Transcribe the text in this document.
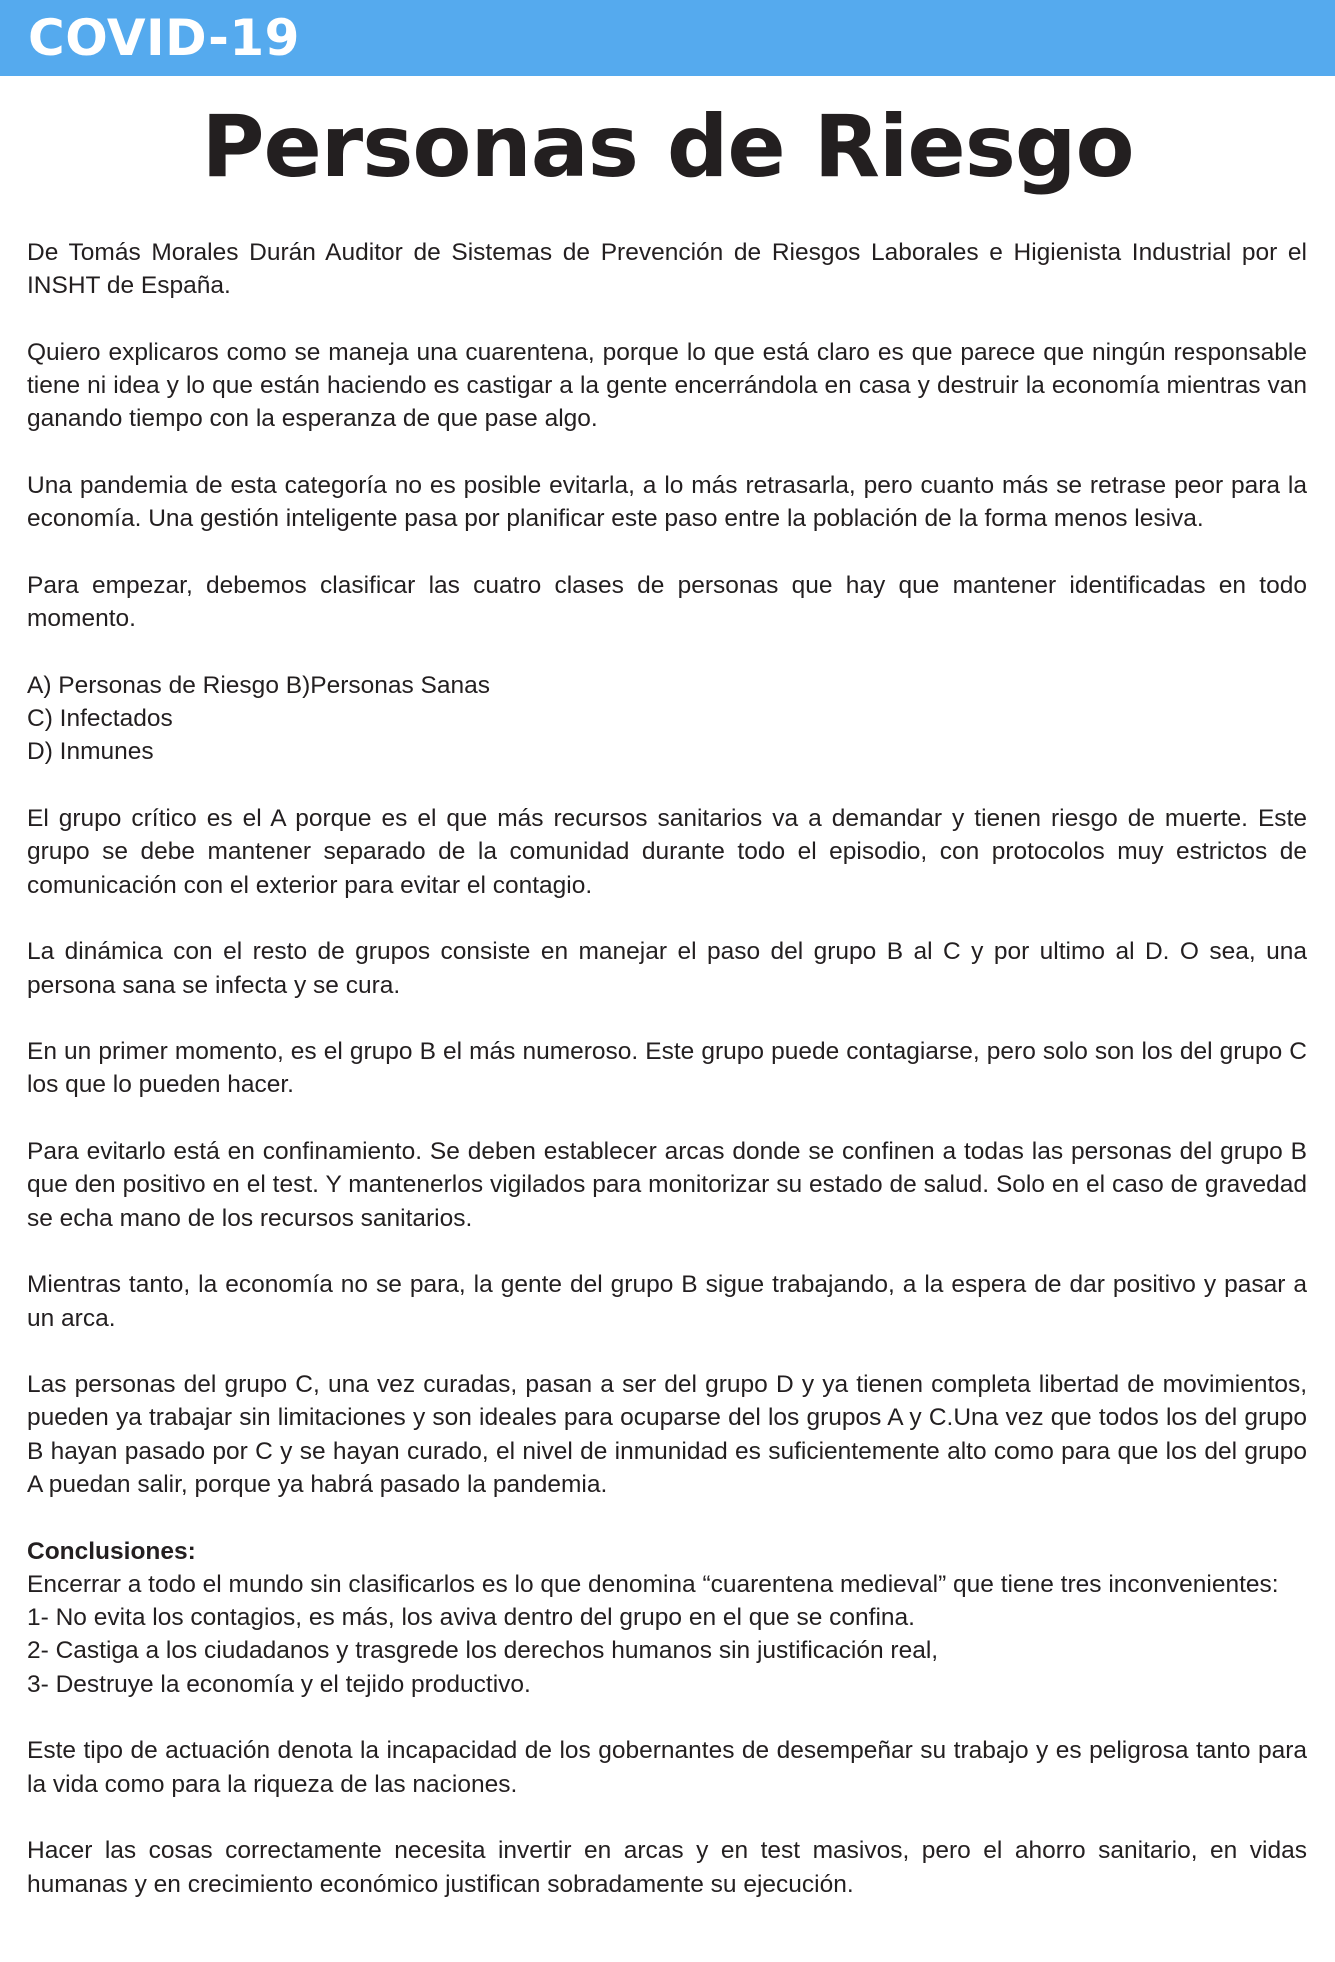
COVID-19
Personas de Riesgo

De Tomás Morales Durán Auditor de Sistemas de Prevención de Riesgos Laborales e Higienista Industrial por el INSHT de España.

Quiero explicaros como se maneja una cuarentena, porque lo que está claro es que parece que ningún responsable tiene ni idea y lo que están haciendo es castigar a la gente encerrándola en casa y destruir la economía mientras van ganando tiempo con la esperanza de que pase algo.

Una pandemia de esta categoría no es posible evitarla, a lo más retrasarla, pero cuanto más se retrase peor para la economía. Una gestión inteligente pasa por planificar este paso entre la población de la forma menos lesiva.

Para empezar, debemos clasificar las cuatro clases de personas que hay que mantener identificadas en todo momento.

A) Personas de Riesgo B)Personas Sanas
C) Infectados
D) Inmunes

El grupo crítico es el A porque es el que más recursos sanitarios va a demandar y tienen riesgo de muerte. Este grupo se debe mantener separado de la comunidad durante todo el episodio, con protocolos muy estrictos de comunicación con el exterior para evitar el contagio.

La dinámica con el resto de grupos consiste en manejar el paso del grupo B al C y por ultimo al D. O sea, una persona sana se infecta y se cura.

En un primer momento, es el grupo B el más numeroso. Este grupo puede contagiarse, pero solo son los del grupo C los que lo pueden hacer.

Para evitarlo está en confinamiento. Se deben establecer arcas donde se confinen a todas las personas del grupo B que den positivo en el test. Y mantenerlos vigilados para monitorizar su estado de salud. Solo en el caso de gravedad se echa mano de los recursos sanitarios.

Mientras tanto, la economía no se para, la gente del grupo B sigue trabajando, a la espera de dar positivo y pasar a un arca.

Las personas del grupo C, una vez curadas, pasan a ser del grupo D y ya tienen completa libertad de movimientos, pueden ya trabajar sin limitaciones y son ideales para ocuparse del los grupos A y C.Una vez que todos los del grupo B hayan pasado por C y se hayan curado, el nivel de inmunidad es suficientemente alto como para que los del grupo A puedan salir, porque ya habrá pasado la pandemia.

Conclusiones:
Encerrar a todo el mundo sin clasificarlos es lo que denomina “cuarentena medieval” que tiene tres inconvenientes:
1- No evita los contagios, es más, los aviva dentro del grupo en el que se confina.
2- Castiga a los ciudadanos y trasgrede los derechos humanos sin justificación real,
3- Destruye la economía y el tejido productivo.

Este tipo de actuación denota la incapacidad de los gobernantes de desempeñar su trabajo y es peligrosa tanto para la vida como para la riqueza de las naciones.

Hacer las cosas correctamente necesita invertir en arcas y en test masivos, pero el ahorro sanitario, en vidas humanas y en crecimiento económico justifican sobradamente su ejecución.
